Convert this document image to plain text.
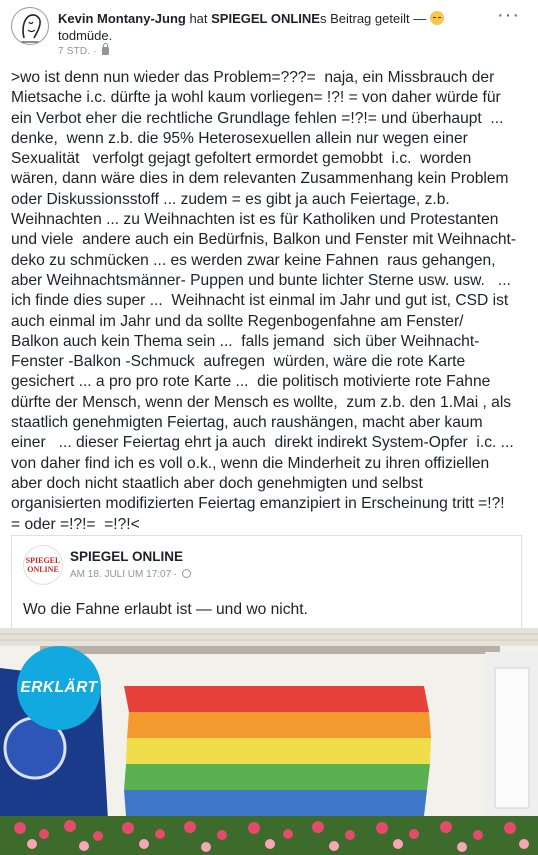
Kevin Montany-Jung hat SPIEGEL ONLINEs Beitrag geteilt —
todmüde.
7 STD. ·
···
>wo ist denn nun wieder das Problem=???=  naja, ein Missbrauch der
Mietsache i.c. dürfte ja wohl kaum vorliegen= !?! = von daher würde für
ein Verbot eher die rechtliche Grundlage fehlen =!?!= und überhaupt  ...
denke,  wenn z.b. die 95% Heterosexuellen allein nur wegen einer
Sexualität   verfolgt gejagt gefoltert ermordet gemobbt  i.c.  worden
wären, dann wäre dies in dem relevanten Zusammenhang kein Problem
oder Diskussionsstoff ... zudem = es gibt ja auch Feiertage, z.b.
Weihnachten ... zu Weihnachten ist es für Katholiken und Protestanten
und viele  andere auch ein Bedürfnis, Balkon und Fenster mit Weihnacht-
deko zu schmücken ... es werden zwar keine Fahnen  raus gehangen,
aber Weihnachtsmänner- Puppen und bunte lichter Sterne usw. usw.   ...
ich finde dies super ...  Weihnacht ist einmal im Jahr und gut ist, CSD ist
auch einmal im Jahr und da sollte Regenbogenfahne am Fenster/
Balkon auch kein Thema sein ...  falls jemand  sich über Weihnacht-
Fenster -Balkon -Schmuck  aufregen  würden, wäre die rote Karte
gesichert ... a pro pro rote Karte ...  die politisch motivierte rote Fahne
dürfte der Mensch, wenn der Mensch es wollte,  zum z.b. den 1.Mai , als
staatlich genehmigten Feiertag, auch raushängen, macht aber kaum
einer   ... dieser Feiertag ehrt ja auch  direkt indirekt System-Opfer  i.c. ...
von daher find ich es voll o.k., wenn die Minderheit zu ihren offiziellen
aber doch nicht staatlich aber doch genehmigten und selbst
organisierten modifizierten Feiertag emanzipiert in Erscheinung tritt =!?!
= oder =!?!=  =!?!<
SPIEGEL
ONLINE
SPIEGEL ONLINE
AM 18. JULI UM 17:07 ·
Wo die Fahne erlaubt ist — und wo nicht.
ERKLÄRT
